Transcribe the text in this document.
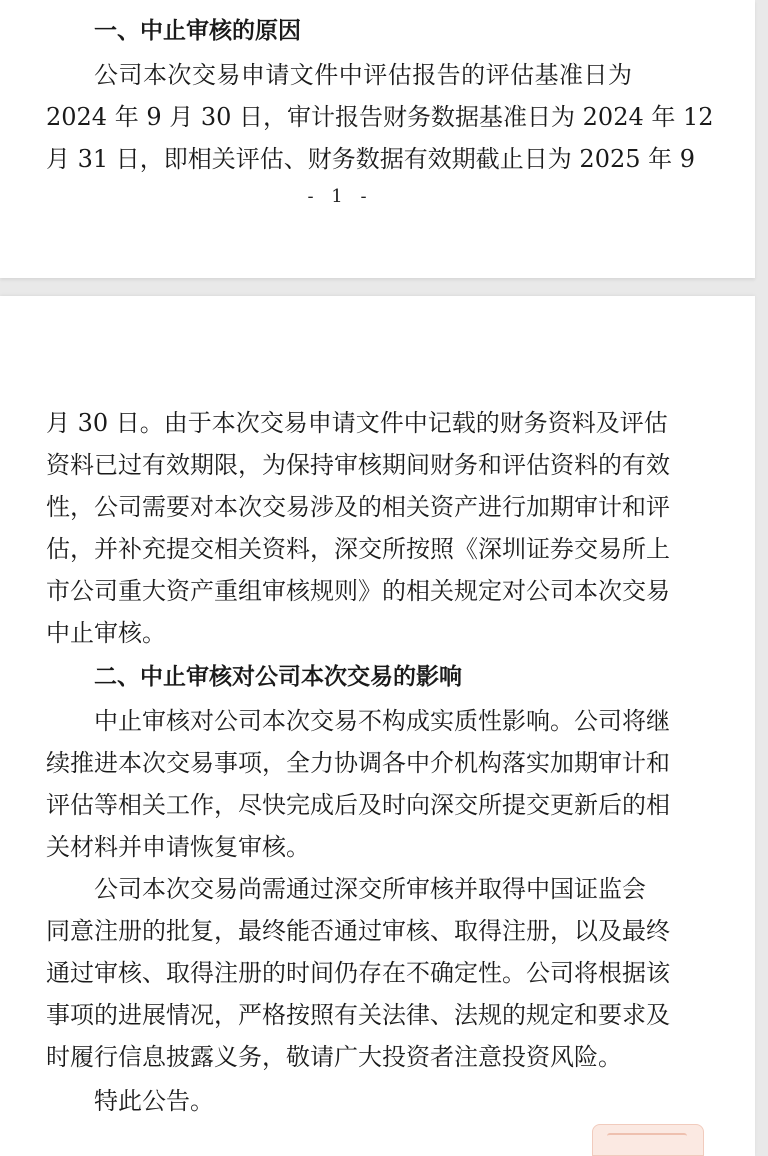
一、中止审核的原因
公司本次交易申请文件中评估报告的评估基准日为
2024 年 9 月 30 日，审计报告财务数据基准日为 2024 年 12
月 31 日，即相关评估、财务数据有效期截止日为 2025 年 9
- 1 -
月 30 日。由于本次交易申请文件中记载的财务资料及评估
资料已过有效期限，为保持审核期间财务和评估资料的有效
性，公司需要对本次交易涉及的相关资产进行加期审计和评
估，并补充提交相关资料，深交所按照《深圳证券交易所上
市公司重大资产重组审核规则》的相关规定对公司本次交易
中止审核。
二、中止审核对公司本次交易的影响
中止审核对公司本次交易不构成实质性影响。公司将继
续推进本次交易事项，全力协调各中介机构落实加期审计和
评估等相关工作，尽快完成后及时向深交所提交更新后的相
关材料并申请恢复审核。
公司本次交易尚需通过深交所审核并取得中国证监会
同意注册的批复，最终能否通过审核、取得注册，以及最终
通过审核、取得注册的时间仍存在不确定性。公司将根据该
事项的进展情况，严格按照有关法律、法规的规定和要求及
时履行信息披露义务，敬请广大投资者注意投资风险。
特此公告。
